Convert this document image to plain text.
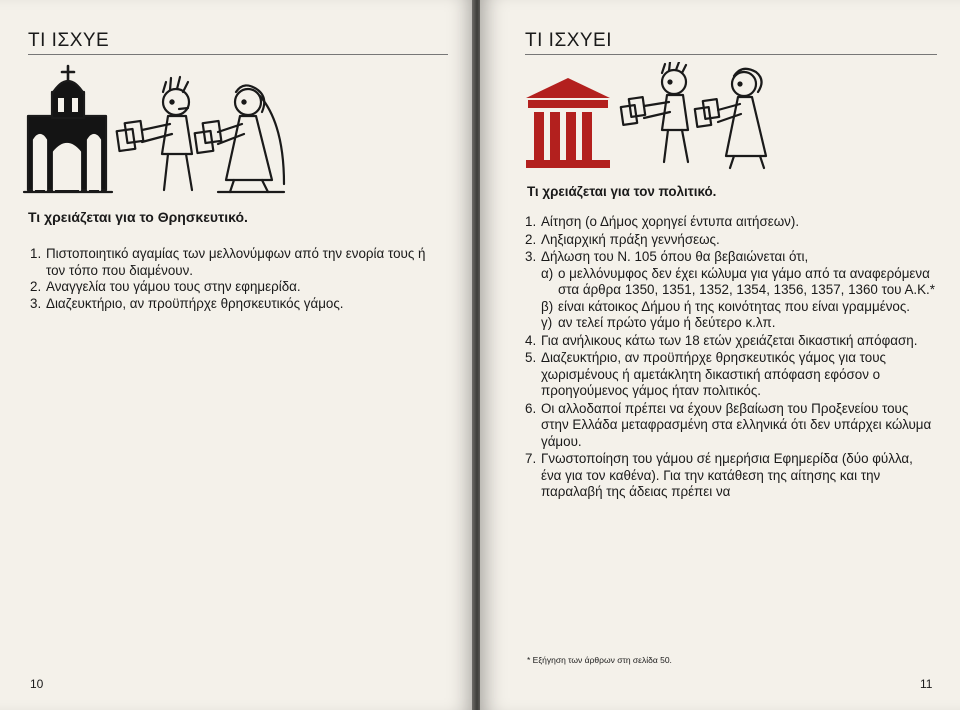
ΤΙ ΙΣΧΥΕ
Τι χρειάζεται για το Θρησκευτικό.
1. Πιστοποιητικό αγαμίας των μελλονύμφων από την ενορία τους ή τον τόπο που διαμένουν.
2. Αναγγελία του γάμου τους στην εφημερίδα.
3. Διαζευκτήριο, αν προϋπήρχε θρησκευτικός γάμος.
10
ΤΙ ΙΣΧΥΕΙ
Τι χρειάζεται για τον πολιτικό.
1. Αίτηση (ο Δήμος χορηγεί έντυπα αιτήσεων).
2. Ληξιαρχική πράξη γεννήσεως.
3. Δήλωση του Ν. 105 όπου θα βεβαιώνεται ότι,
α) ο μελλόνυμφος δεν έχει κώλυμα για γάμο από τα αναφερόμενα στα άρθρα 1350, 1351, 1352, 1354, 1356, 1357, 1360 του Α.Κ.*
β) είναι κάτοικος Δήμου ή της κοινότητας που είναι γραμμένος.
γ) αν τελεί πρώτο γάμο ή δεύτερο κ.λπ.
4. Για ανήλικους κάτω των 18 ετών χρειάζεται δικαστική απόφαση.
5. Διαζευκτήριο, αν προϋπήρχε θρησκευτικός γάμος για τους χωρισμένους ή αμετάκλητη δικαστική απόφαση εφόσον ο προηγούμενος γάμος ήταν πολιτικός.
6. Οι αλλοδαποί πρέπει να έχουν βεβαίωση του Προξενείου τους στην Ελλάδα μεταφρασμένη στα ελληνικά ότι δεν υπάρχει κώλυμα γάμου.
7. Γνωστοποίηση του γάμου σέ ημερήσια Εφημερίδα (δύο φύλλα, ένα για τον καθένα). Για την κατάθεση της αίτησης και την παραλαβή της άδειας πρέπει να
* Εξήγηση των άρθρων στη σελίδα 50.
11
